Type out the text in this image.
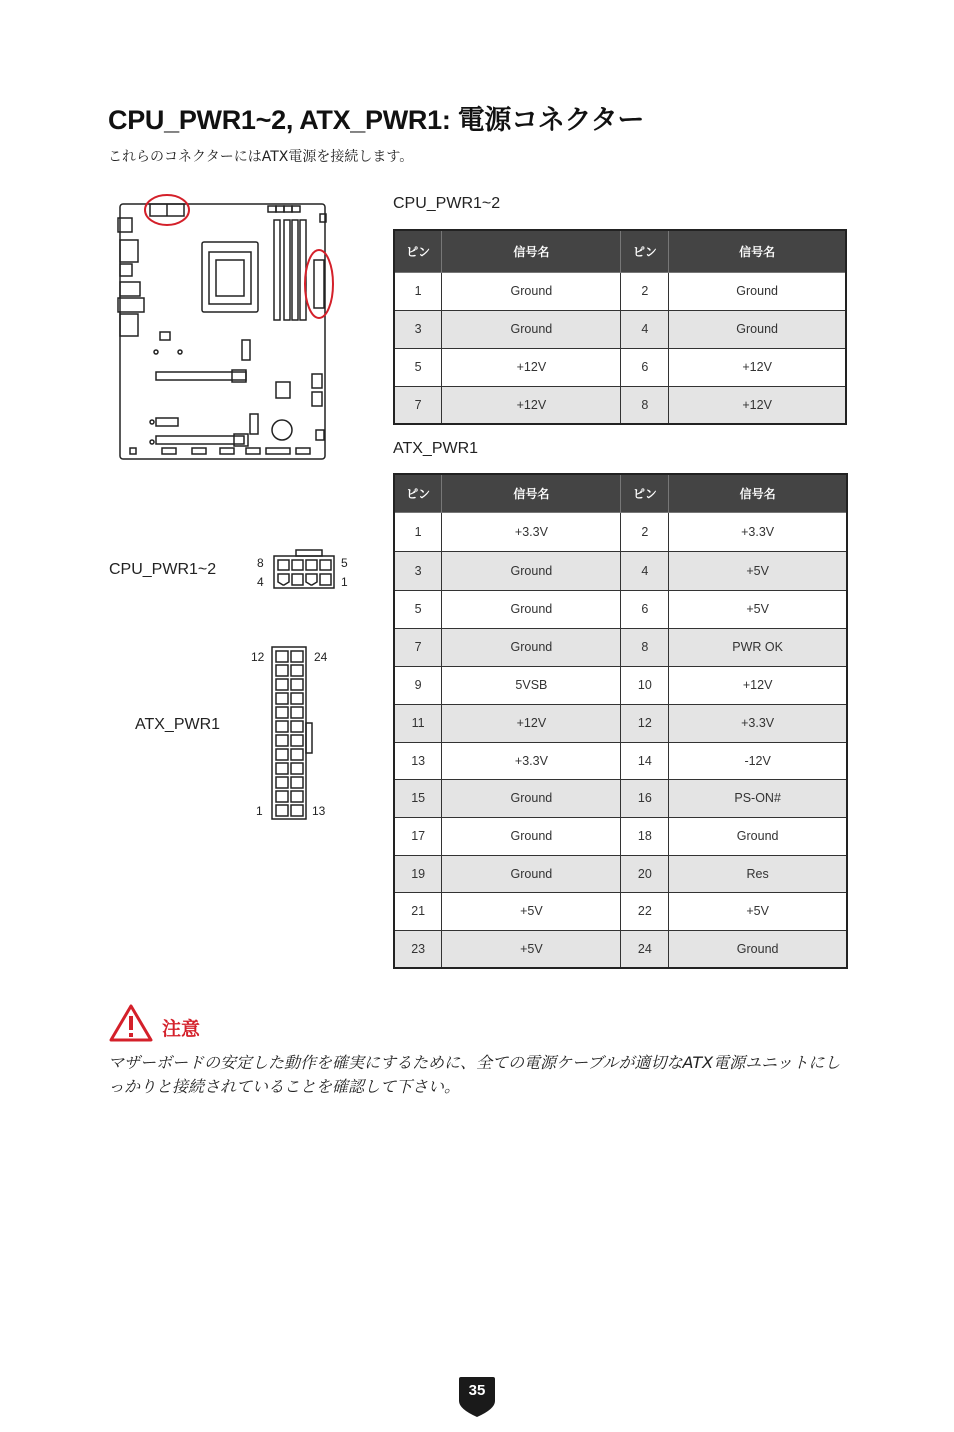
CPU_PWR1~2, ATX_PWR1: 電源コネクター
これらのコネクターにはATX電源を接続します。
CPU_PWR1~2
ピン	信号名	ピン	信号名
1	Ground	2	Ground
3	Ground	4	Ground
5	+12V	6	+12V
7	+12V	8	+12V
ATX_PWR1
ピン	信号名	ピン	信号名
1	+3.3V	2	+3.3V
3	Ground	4	+5V
5	Ground	6	+5V
7	Ground	8	PWR OK
9	5VSB	10	+12V
11	+12V	12	+3.3V
13	+3.3V	14	-12V
15	Ground	16	PS-ON#
17	Ground	18	Ground
19	Ground	20	Res
21	+5V	22	+5V
23	+5V	24	Ground
CPU_PWR1~2	8
4
5
1
ATX_PWR1
12	24
1	13
注意
マザーボードの安定した動作を確実にするために、全ての電源ケーブルが適切なATX電源ユニットにしっかりと接続されていることを確認して下さい。
35
